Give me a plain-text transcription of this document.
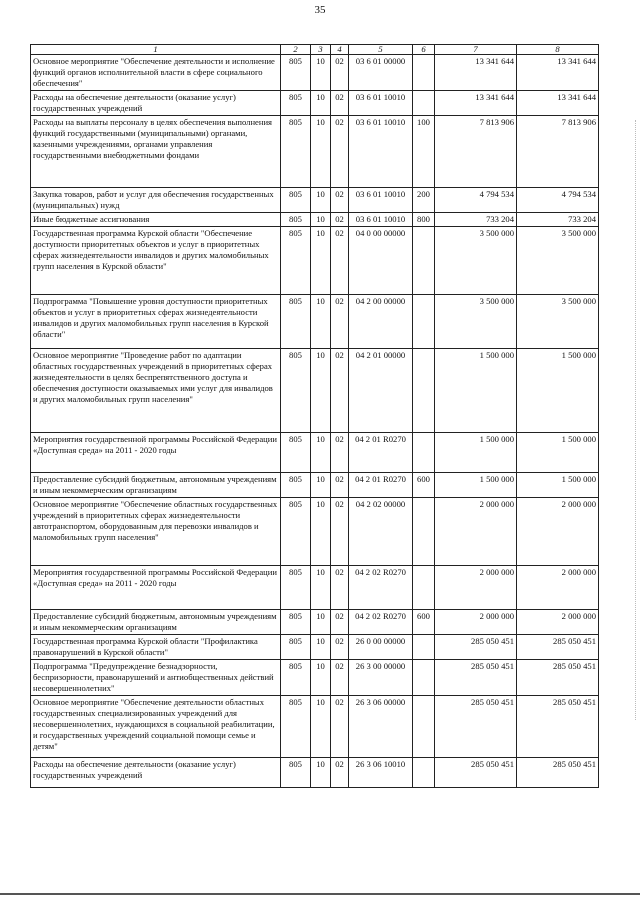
35
1	2	3	4	5	6	7	8
Основное мероприятие "Обеспечение деятельности и исполнение функций органов исполнительной власти в сфере социального обеспечения"	805	10	02	03 6 01 00000		13 341 644	13 341 644
Расходы на обеспечение деятельности (оказание услуг) государственных учреждений	805	10	02	03 6 01 10010		13 341 644	13 341 644
Расходы на выплаты персоналу в целях обеспечения выполнения функций государственными (муниципальными) органами, казенными учреждениями, органами управления государственными внебюджетными фондами	805	10	02	03 6 01 10010	100	7 813 906	7 813 906
Закупка товаров, работ и услуг для обеспечения государственных (муниципальных) нужд	805	10	02	03 6 01 10010	200	4 794 534	4 794 534
Иные бюджетные ассигнования	805	10	02	03 6 01 10010	800	733 204	733 204
Государственная программа Курской области "Обеспечение доступности приоритетных объектов и услуг в приоритетных сферах жизнедеятельности инвалидов и других маломобильных групп населения в Курской области"	805	10	02	04 0 00 00000		3 500 000	3 500 000
Подпрограмма "Повышение уровня доступности приоритетных объектов и услуг в приоритетных сферах жизнедеятельности инвалидов и других маломобильных групп населения в Курской области"	805	10	02	04 2 00 00000		3 500 000	3 500 000
Основное мероприятие "Проведение работ по адаптации областных государственных учреждений в приоритетных сферах жизнедеятельности в целях беспрепятственного доступа и обеспечения доступности оказываемых ими услуг для инвалидов и других маломобильных групп населения"	805	10	02	04 2 01 00000		1 500 000	1 500 000
Мероприятия государственной программы Российской Федерации «Доступная среда» на 2011 - 2020 годы	805	10	02	04 2 01 R0270		1 500 000	1 500 000
Предоставление субсидий бюджетным, автономным учреждениям и иным некоммерческим организациям	805	10	02	04 2 01 R0270	600	1 500 000	1 500 000
Основное мероприятие "Обеспечение областных государственных учреждений в приоритетных сферах жизнедеятельности автотранспортом, оборудованным для перевозки инвалидов и маломобильных групп населения"	805	10	02	04 2 02 00000		2 000 000	2 000 000
Мероприятия государственной программы Российской Федерации «Доступная среда» на 2011 - 2020 годы	805	10	02	04 2 02 R0270		2 000 000	2 000 000
Предоставление субсидий бюджетным, автономным учреждениям и иным некоммерческим организациям	805	10	02	04 2 02 R0270	600	2 000 000	2 000 000
Государственная программа Курской области "Профилактика правонарушений в Курской области"	805	10	02	26 0 00 00000		285 050 451	285 050 451
Подпрограмма "Предупреждение безнадзорности, беспризорности, правонарушений и антиобщественных действий несовершеннолетних"	805	10	02	26 3 00 00000		285 050 451	285 050 451
Основное мероприятие "Обеспечение деятельности областных государственных специализированных учреждений для несовершеннолетних, нуждающихся в социальной реабилитации, и государственных учреждений социальной помощи семье и детям"	805	10	02	26 3 06 00000		285 050 451	285 050 451
Расходы на обеспечение деятельности (оказание услуг) государственных учреждений	805	10	02	26 3 06 10010		285 050 451	285 050 451
